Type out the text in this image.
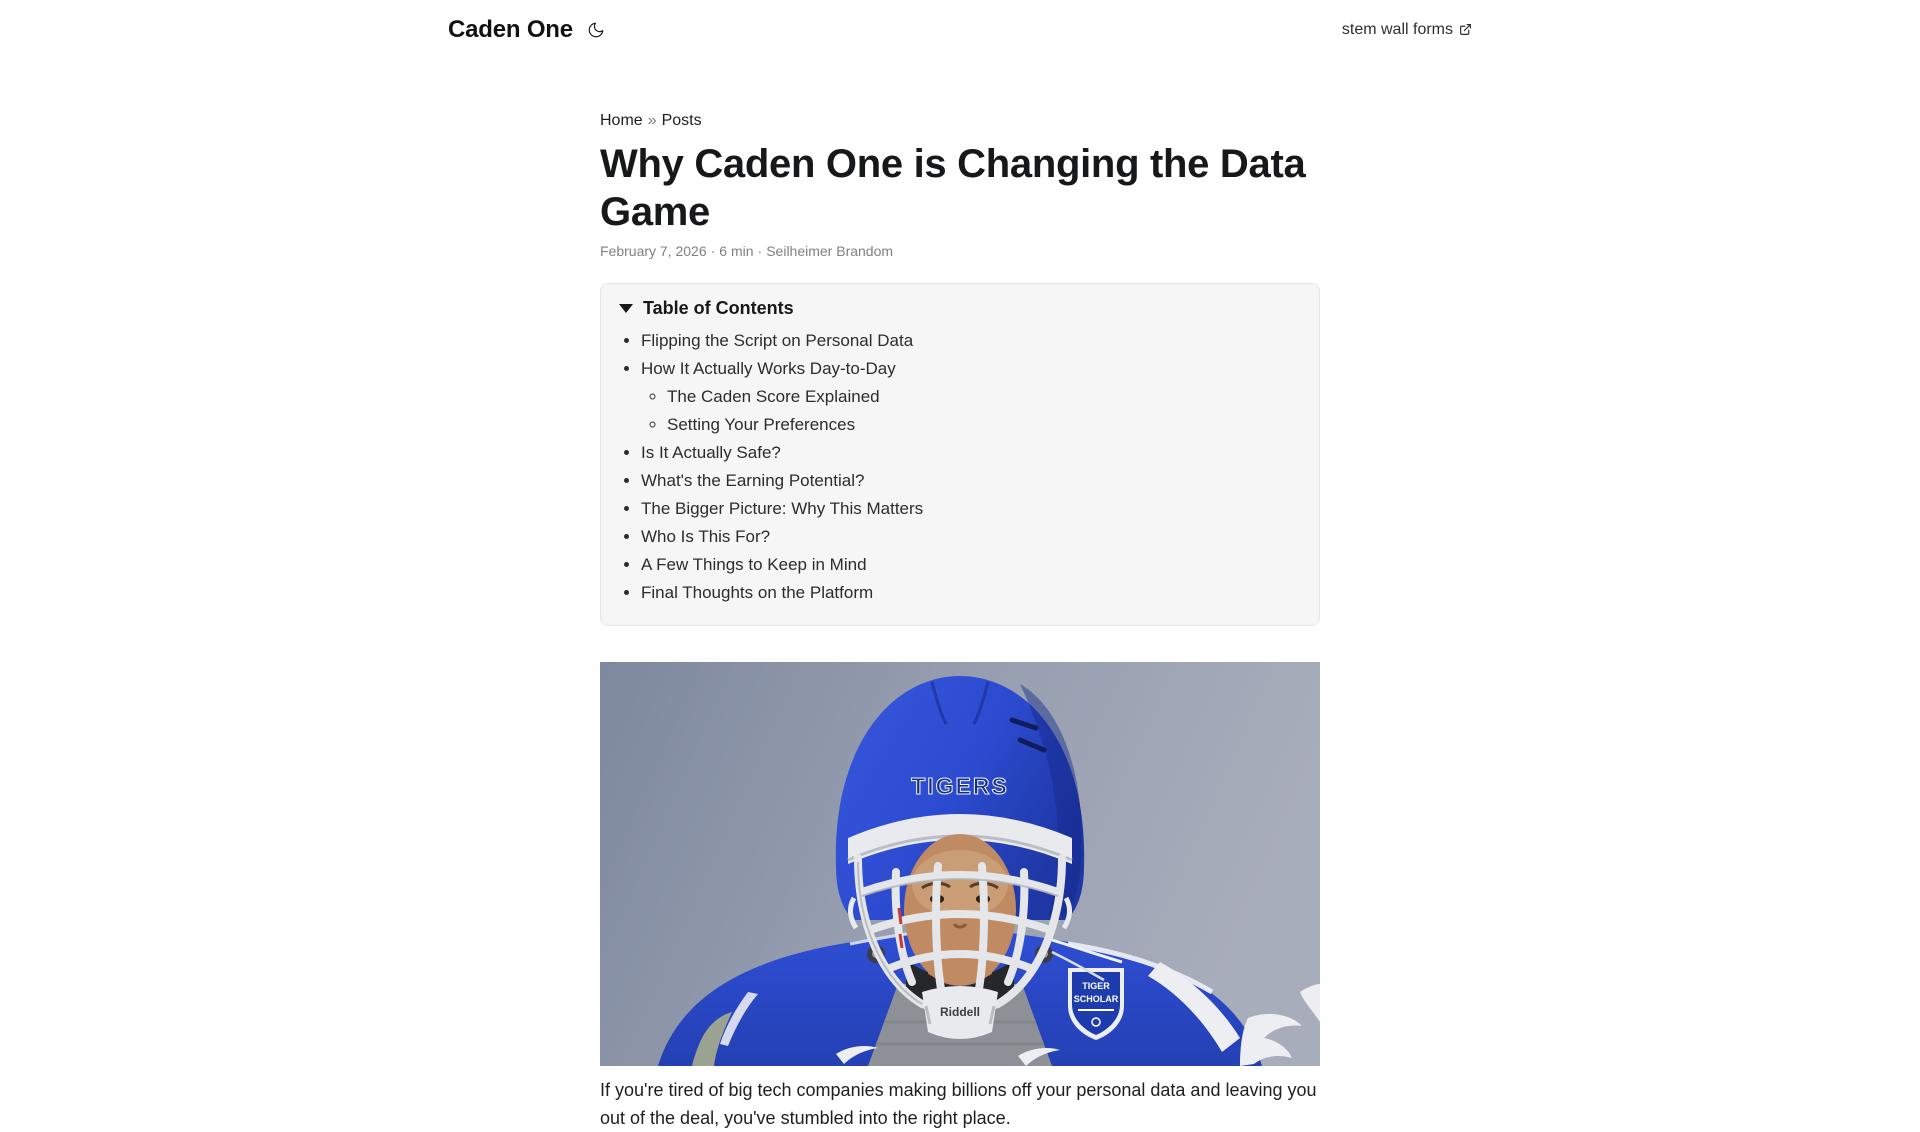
Caden One	stem wall forms
Home » Posts
Why Caden One is Changing the Data Game
February 7, 2026 · 6 min · Seilheimer Brandom
Table of Contents
• Flipping the Script on Personal Data
• How It Actually Works Day-to-Day
◦ The Caden Score Explained
◦ Setting Your Preferences
• Is It Actually Safe?
• What's the Earning Potential?
• The Bigger Picture: Why This Matters
• Who Is This For?
• A Few Things to Keep in Mind
• Final Thoughts on the Platform
TIGER
SCHOLAR
TIGERS
Riddell

If you're tired of big tech companies making billions off your personal data and leaving you out of the deal, you've stumbled into the right place.
